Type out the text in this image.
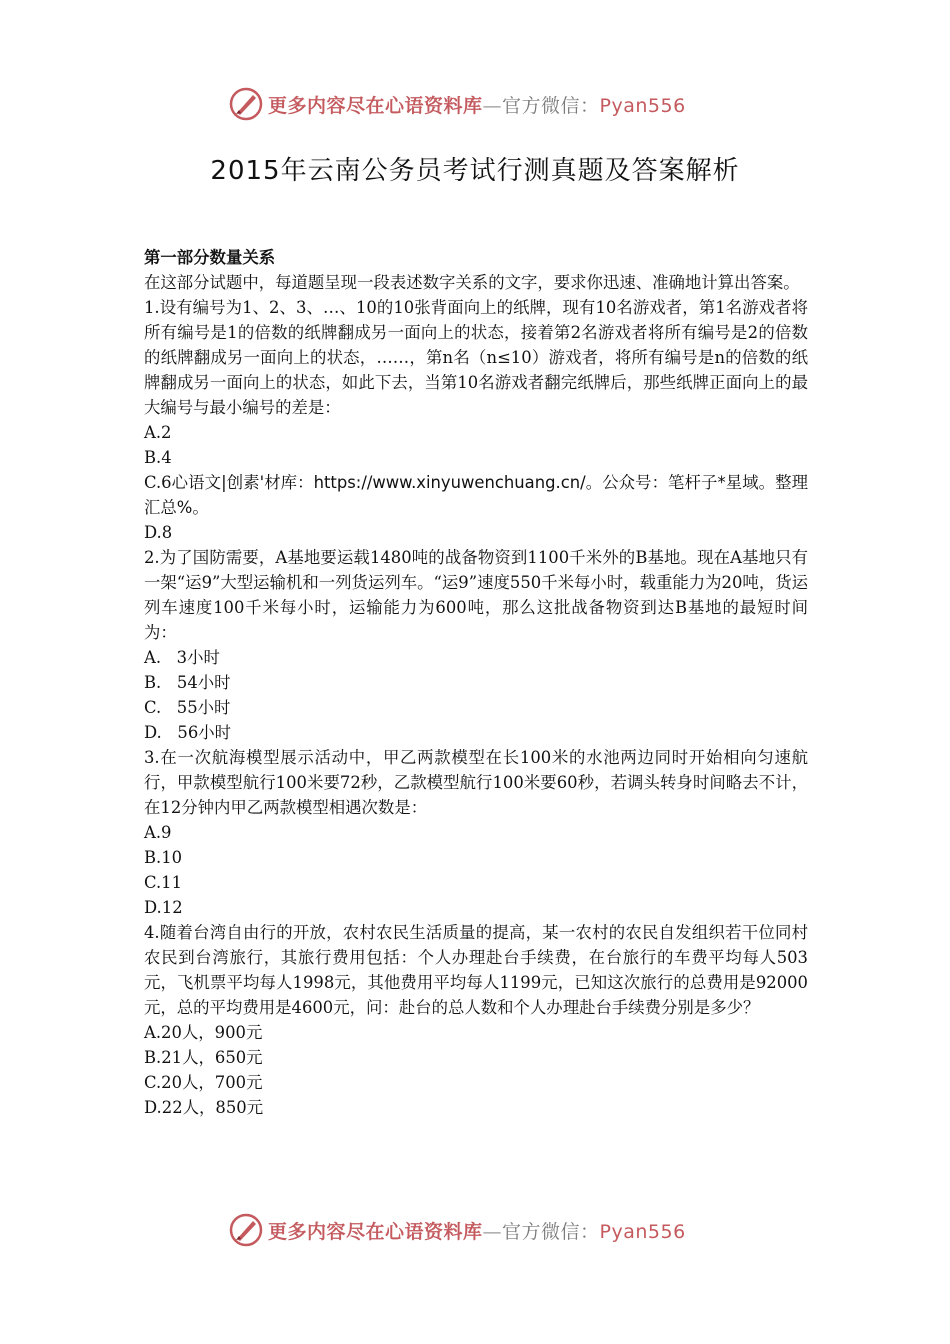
更多内容尽在心语资料库—官方微信：Pyan556
2015年云南公务员考试行测真题及答案解析

第一部分数量关系

在这部分试题中，每道题呈现一段表述数字关系的文字，要求你迅速、准确地计算出答案。

1.设有编号为1、2、3、…、10的10张背面向上的纸牌，现有10名游戏者，第1名游戏者将所有编号是1的倍数的纸牌翻成另一面向上的状态，接着第2名游戏者将所有编号是2的倍数的纸牌翻成另一面向上的状态，……，第n名（n≤10）游戏者，将所有编号是n的倍数的纸牌翻成另一面向上的状态，如此下去，当第10名游戏者翻完纸牌后，那些纸牌正面向上的最大编号与最小编号的差是：

A.2

B.4

C.6心语文|创素'材库：https://www.xinyuwenchuang.cn/。公众号：笔杆子*星域。整理汇总%。

D.8

2.为了国防需要，A基地要运载1480吨的战备物资到1100千米外的B基地。现在A基地只有一架“运9”大型运输机和一列货运列车。“运9”速度550千米每小时，载重能力为20吨，货运列车速度100千米每小时，运输能力为600吨，那么这批战备物资到达B基地的最短时间为：

A.   3小时

B.   54小时

C.   55小时

D.   56小时

3.在一次航海模型展示活动中，甲乙两款模型在长100米的水池两边同时开始相向匀速航行，甲款模型航行100米要72秒，乙款模型航行100米要60秒，若调头转身时间略去不计，在12分钟内甲乙两款模型相遇次数是：

A.9

B.10

C.11

D.12

4.随着台湾自由行的开放，农村农民生活质量的提高，某一农村的农民自发组织若干位同村农民到台湾旅行，其旅行费用包括：个人办理赴台手续费，在台旅行的车费平均每人503元，飞机票平均每人1998元，其他费用平均每人1199元，已知这次旅行的总费用是92000元，总的平均费用是4600元，问：赴台的总人数和个人办理赴台手续费分别是多少？

A.20人，900元

B.21人，650元

C.20人，700元

D.22人，850元

更多内容尽在心语资料库—官方微信：Pyan556
